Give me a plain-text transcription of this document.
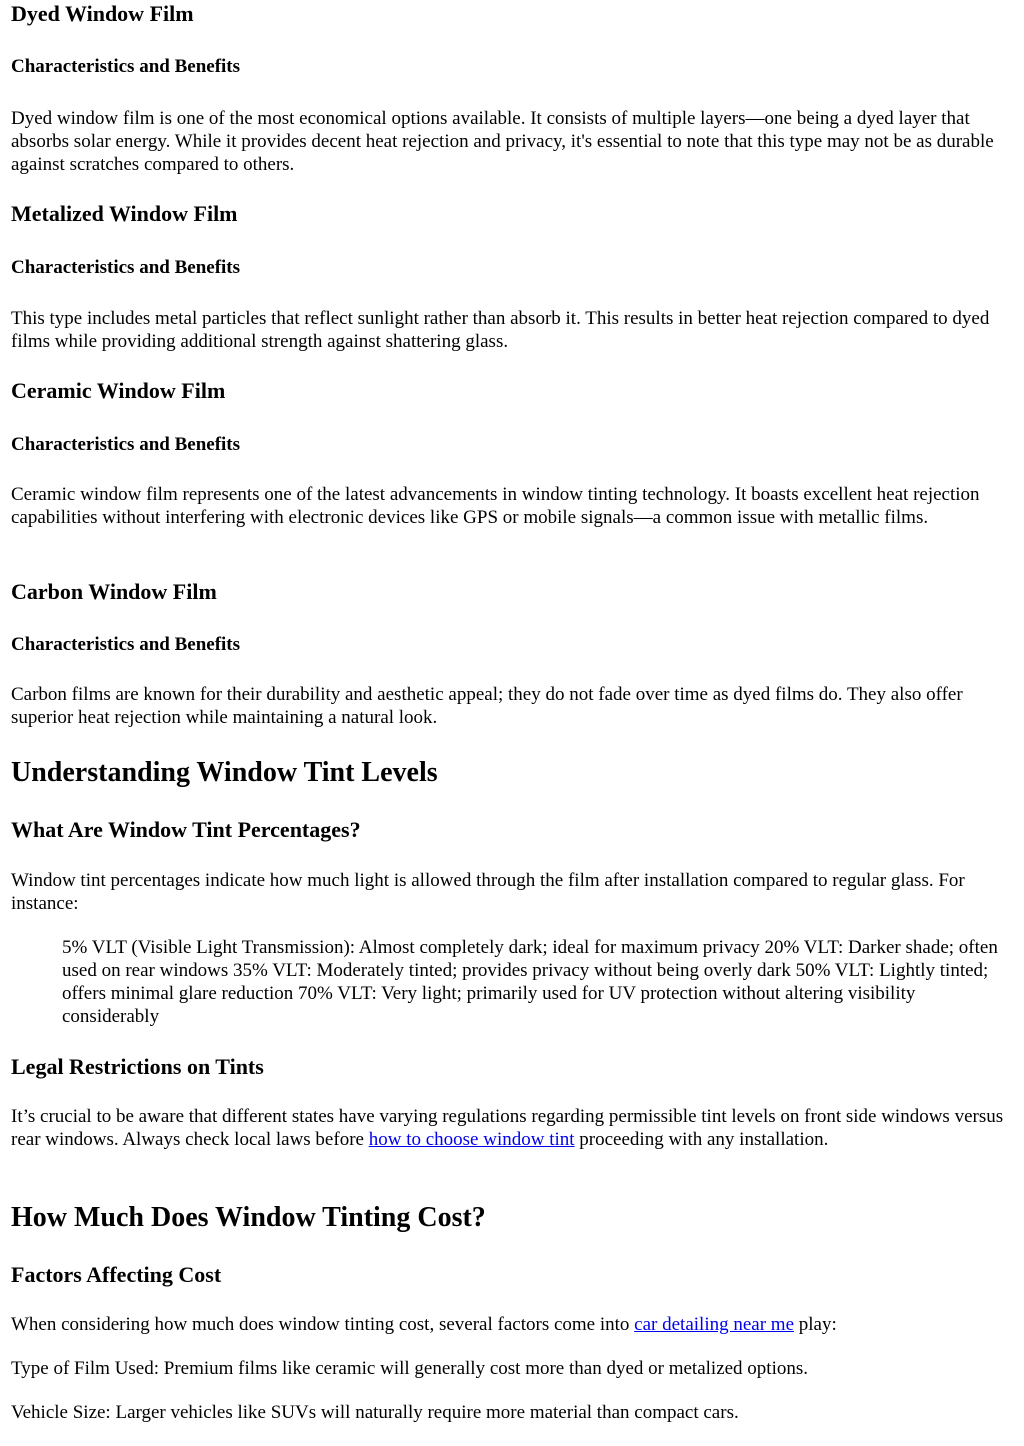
Dyed Window Film
Characteristics and Benefits

Dyed window film is one of the most economical options available. It consists of multiple layers—one being a dyed layer that absorbs solar energy. While it provides decent heat rejection and privacy, it's essential to note that this type may not be as durable against scratches compared to others.

Metalized Window Film
Characteristics and Benefits

This type includes metal particles that reflect sunlight rather than absorb it. This results in better heat rejection compared to dyed films while providing additional strength against shattering glass.

Ceramic Window Film
Characteristics and Benefits

Ceramic window film represents one of the latest advancements in window tinting technology. It boasts excellent heat rejection capabilities without interfering with electronic devices like GPS or mobile signals—a common issue with metallic films.

Carbon Window Film
Characteristics and Benefits

Carbon films are known for their durability and aesthetic appeal; they do not fade over time as dyed films do. They also offer superior heat rejection while maintaining a natural look.

Understanding Window Tint Levels
What Are Window Tint Percentages?

Window tint percentages indicate how much light is allowed through the film after installation compared to regular glass. For instance:

5% VLT (Visible Light Transmission): Almost completely dark; ideal for maximum privacy 20% VLT: Darker shade; often used on rear windows 35% VLT: Moderately tinted; provides privacy without being overly dark 50% VLT: Lightly tinted; offers minimal glare reduction 70% VLT: Very light; primarily used for UV protection without altering visibility considerably
Legal Restrictions on Tints

It’s crucial to be aware that different states have varying regulations regarding permissible tint levels on front side windows versus rear windows. Always check local laws before how to choose window tint proceeding with any installation.

How Much Does Window Tinting Cost?
Factors Affecting Cost

When considering how much does window tinting cost, several factors come into car detailing near me play:

Type of Film Used: Premium films like ceramic will generally cost more than dyed or metalized options.

Vehicle Size: Larger vehicles like SUVs will naturally require more material than compact cars.
